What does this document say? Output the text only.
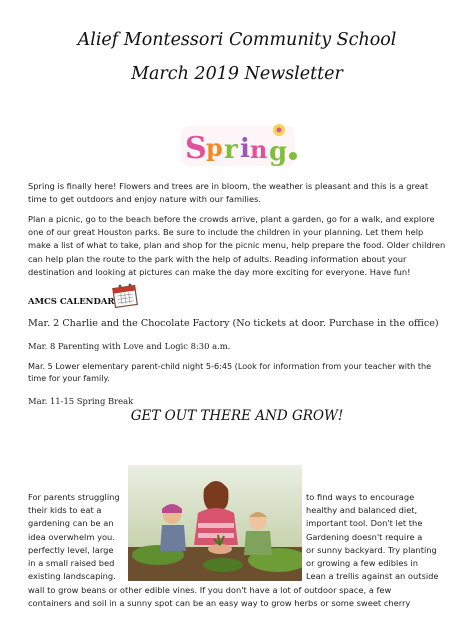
Alief Montessori Community School
March 2019 Newsletter
S p r i n g
Spring is finally here! Flowers and trees are in bloom, the weather is pleasant and this is a great time to get outdoors and enjoy nature with our families.
Plan a picnic, go to the beach before the crowds arrive, plant a garden, go for a walk, and explore one of our great Houston parks. Be sure to include the children in your planning. Let them help make a list of what to take, plan and shop for the picnic menu, help prepare the food. Older children can help plan the route to the park with the help of adults. Reading information about your destination and looking at pictures can make the day more exciting for everyone. Have fun!
AMCS CALENDAR
Mar. 2 Charlie and the Chocolate Factory (No tickets at door. Purchase in the office)
Mar. 8 Parenting with Love and Logic 8:30 a.m.
Mar. 5 Lower elementary parent-child night 5-6:45 (Look for information from your teacher with the time for your family.
Mar. 11-15 Spring Break
GET OUT THERE AND GROW!
For parents struggling
their kids to eat a
gardening can be an
idea overwhelm you.
perfectly level, large
in a small raised bed
existing landscaping.
to find ways to encourage
healthy and balanced diet,
important tool. Don't let the
Gardening doesn't require a
or sunny backyard. Try planting
or growing a few edibles in
Lean a trellis against an outside
wall to grow beans or other edible vines. If you don't have a lot of outdoor space, a few
containers and soil in a sunny spot can be an easy way to grow herbs or some sweet cherry
